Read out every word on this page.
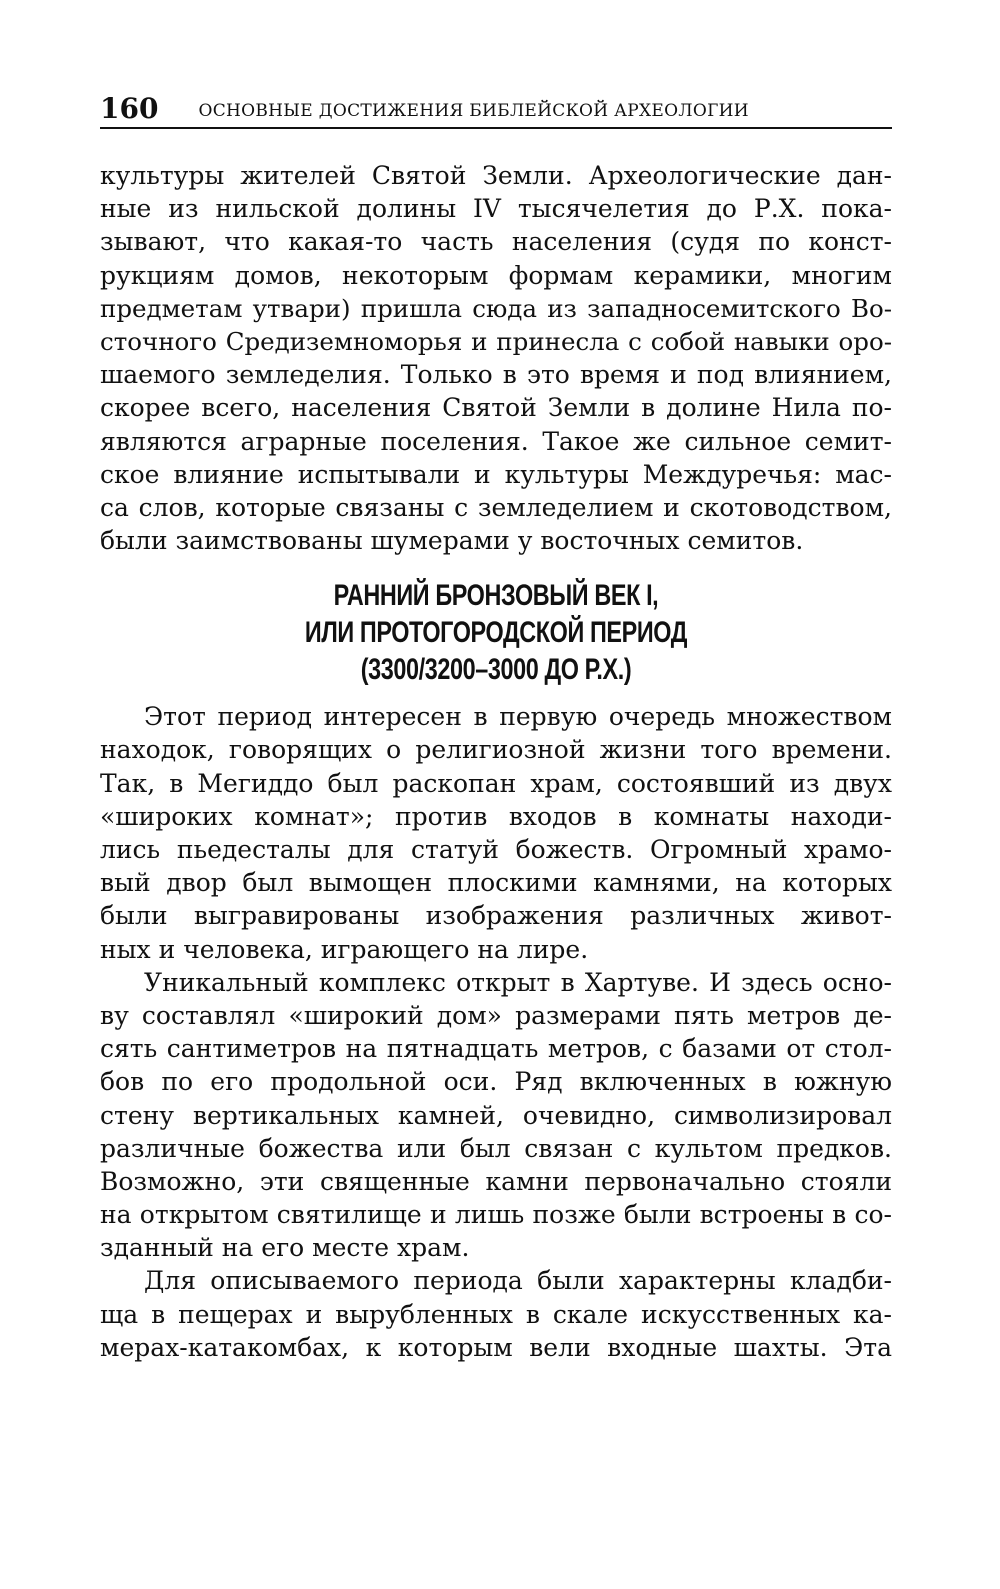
160 ОСНОВНЫЕ ДОСТИЖЕНИЯ БИБЛЕЙСКОЙ АРХЕОЛОГИИ
культуры жителей Святой Земли. Археологические дан-
ные из нильской долины IV тысячелетия до Р.Х. пока-
зывают, что какая-то часть населения (судя по конст-
рукциям домов, некоторым формам керамики, многим
предметам утвари) пришла сюда из западносемитского Во-
сточного Средиземноморья и принесла с собой навыки оро-
шаемого земледелия. Только в это время и под влиянием,
скорее всего, населения Святой Земли в долине Нила по-
являются аграрные поселения. Такое же сильное семит-
ское влияние испытывали и культуры Междуречья: мас-
са слов, которые связаны с земледелием и скотоводством,
были заимствованы шумерами у восточных семитов.
РАННИЙ БРОНЗОВЫЙ ВЕК I,
ИЛИ ПРОТОГОРОДСКОЙ ПЕРИОД
(3300/3200–3000 ДО Р.Х.)
Этот период интересен в первую очередь множеством
находок, говорящих о религиозной жизни того времени.
Так, в Мегиддо был раскопан храм, состоявший из двух
«широких комнат»; против входов в комнаты находи-
лись пьедесталы для статуй божеств. Огромный храмо-
вый двор был вымощен плоскими камнями, на которых
были выгравированы изображения различных живот-
ных и человека, играющего на лире.
Уникальный комплекс открыт в Хартуве. И здесь осно-
ву составлял «широкий дом» размерами пять метров де-
сять сантиметров на пятнадцать метров, с базами от стол-
бов по его продольной оси. Ряд включенных в южную
стену вертикальных камней, очевидно, символизировал
различные божества или был связан с культом предков.
Возможно, эти священные камни первоначально стояли
на открытом святилище и лишь позже были встроены в со-
зданный на его месте храм.
Для описываемого периода были характерны кладби-
ща в пещерах и вырубленных в скале искусственных ка-
мерах-катакомбах, к которым вели входные шахты. Эта
